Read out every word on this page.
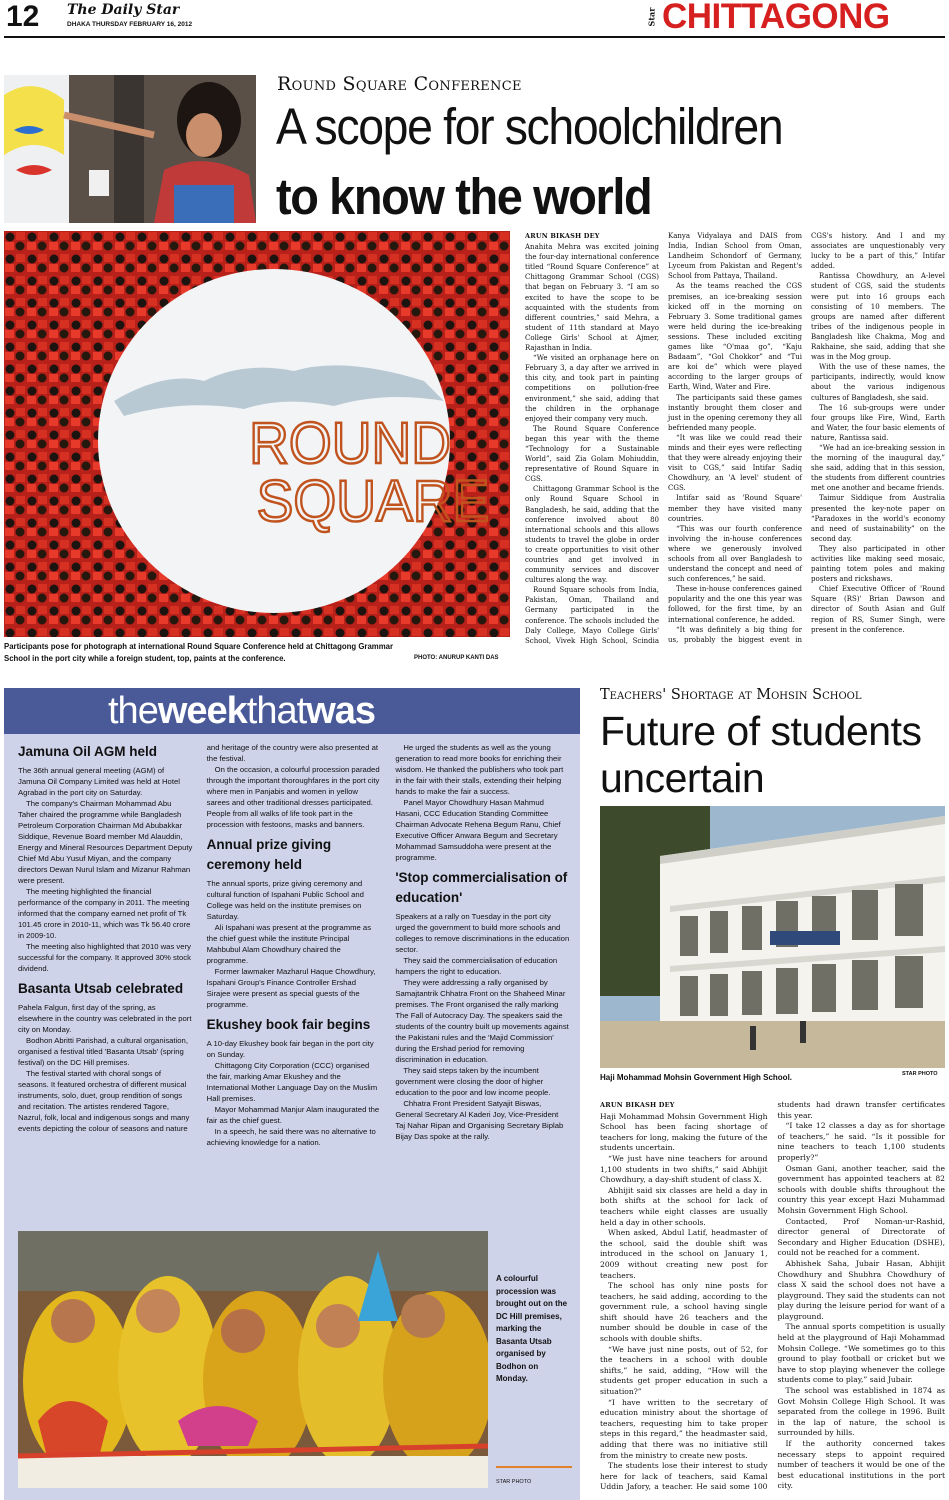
12 The Daily Star
DHAKA THURSDAY FEBRUARY 16, 2012	Star CHITTAGONG
Round Square Conference
A scope for schoolchildren
to know the world
ROUND
SQUARE
Participants pose for photograph at international Round Square Conference held at Chittagong Grammar School in the port city while a foreign student, top, paints at the conference.	PHOTO: ANURUP KANTI DAS

ARUN BIKASH DEY

Anahita Mehra was excited joining the four-day international conference titled “Round Square Conference” at Chittagong Grammar School (CGS) that began on February 3. “I am so excited to have the scope to be acquainted with the students from different countries,” said Mehra, a student of 11th standard at Mayo College Girls' School at Ajmer, Rajasthan in India.

“We visited an orphanage here on February 3, a day after we arrived in this city, and took part in painting competitions on pollution-free environment,” she said, adding that the children in the orphanage enjoyed their company very much.

The Round Square Conference began this year with the theme “Technology for a Sustainable World”, said Zia Golam Mohiuddin, representative of Round Square in CGS.

Chittagong Grammar School is the only Round Square School in Bangladesh, he said, adding that the conference involved about 80 international schools and this allows students to travel the globe in order to create opportunities to visit other countries and get involved in community services and discover cultures along the way.

Round Square schools from India, Pakistan, Oman, Thailand and Germany participated in the conference. The schools included the Daly College, Mayo College Girls' School, Vivek High School, Scindia Kanya Vidyalaya and DAIS from India, Indian School from Oman, Landheim Schondorf of Germany, Lyceum from Pakistan and Regent's School from Pattaya, Thailand.

As the teams reached the CGS premises, an ice-breaking session kicked off in the morning on February 3. Some traditional games were held during the ice-breaking sessions. These included exciting games like “O'maa go”, “Kaju Badaam”, “Gol Chokkor” and “Tui are koi de” which were played according to the larger groups of Earth, Wind, Water and Fire.

The participants said these games instantly brought them closer and just in the opening ceremony they all befriended many people.

“It was like we could read their minds and their eyes were reflecting that they were already enjoying their visit to CGS,” said Intifar Sadiq Chowdhury, an 'A level' student of CGS.

Intifar said as 'Round Square' member they have visited many countries.

“This was our fourth conference involving the in-house conferences where we generously involved schools from all over Bangladesh to understand the concept and need of such conferences,” he said.

These in-house conferences gained popularity and the one this year was followed, for the first time, by an international conference, he added.

“It was definitely a big thing for us, probably the biggest event in CGS's history. And I and my associates are unquestionably very lucky to be a part of this,” Intifar added.

Rantissa Chowdhury, an A-level student of CGS, said the students were put into 16 groups each consisting of 10 members. The groups are named after different tribes of the indigenous people in Bangladesh like Chakma, Mog and Rakhaine, she said, adding that she was in the Mog group.

With the use of these names, the participants, indirectly, would know about the various indigenous cultures of Bangladesh, she said.

The 16 sub-groups were under four groups like Fire, Wind, Earth and Water, the four basic elements of nature, Rantissa said.

“We had an ice-breaking session in the morning of the inaugural day,” she said, adding that in this session, the students from different countries met one another and became friends.

Taimur Siddique from Australia presented the key-note paper on “Paradoxes in the world's economy and need of sustainability” on the second day.

They also participated in other activities like making seed mosaic, painting totem poles and making posters and rickshaws.

Chief Executive Officer of 'Round Square (RS)' Brian Dawson and director of South Asian and Gulf region of RS, Sumer Singh, were present in the conference.

theweekthatwas
Jamuna Oil AGM held

The 36th annual general meeting (AGM) of Jamuna Oil Company Limited was held at Hotel Agrabad in the port city on Saturday.

The company's Chairman Mohammad Abu Taher chaired the programme while Bangladesh Petroleum Corporation Chairman Md Abubakkar Siddique, Revenue Board member Md Alauddin, Energy and Mineral Resources Department Deputy Chief Md Abu Yusuf Miyan, and the company directors Dewan Nurul Islam and Mizanur Rahman were present.

The meeting highlighted the financial performance of the company in 2011. The meeting informed that the company earned net profit of Tk 101.45 crore in 2010-11, which was Tk 56.40 crore in 2009-10.

The meeting also highlighted that 2010 was very successful for the company. It approved 30% stock dividend.

Basanta Utsab celebrated

Pahela Falgun, first day of the spring, as elsewhere in the country was celebrated in the port city on Monday.

Bodhon Abritti Parishad, a cultural organisation, organised a festival titled 'Basanta Utsab' (spring festival) on the DC Hill premises.

The festival started with choral songs of seasons. It featured orchestra of different musical instruments, solo, duet, group rendition of songs and recitation. The artistes rendered Tagore, Nazrul, folk, local and indigenous songs and many events depicting the colour of seasons and nature and heritage of the country were also presented at the festival.

On the occasion, a colourful procession paraded through the important thoroughfares in the port city where men in Panjabis and women in yellow sarees and other traditional dresses participated. People from all walks of life took part in the procession with festoons, masks and banners.

Annual prize giving ceremony held

The annual sports, prize giving ceremony and cultural function of Ispahani Public School and College was held on the institute premises on Saturday.

Ali Ispahani was present at the programme as the chief guest while the institute Principal Mahbubul Alam Chowdhury chaired the programme.

Former lawmaker Mazharul Haque Chowdhury, Ispahani Group's Finance Controller Ershad Sirajee were present as special guests of the programme.

Ekushey book fair begins

A 10-day Ekushey book fair began in the port city on Sunday.

Chittagong City Corporation (CCC) organised the fair, marking Amar Ekushey and the International Mother Language Day on the Muslim Hall premises.

Mayor Mohammad Manjur Alam inaugurated the fair as the chief guest.

In a speech, he said there was no alternative to achieving knowledge for a nation.

He urged the students as well as the young generation to read more books for enriching their wisdom. He thanked the publishers who took part in the fair with their stalls, extending their helping hands to make the fair a success.

Panel Mayor Chowdhury Hasan Mahmud Hasani, CCC Education Standing Committee Chairman Advocate Rehena Begum Ranu, Chief Executive Officer Anwara Begum and Secretary Mohammad Samsuddoha were present at the programme.

'Stop commercialisation of education'

Speakers at a rally on Tuesday in the port city urged the government to build more schools and colleges to remove discriminations in the education sector.

They said the commercialisation of education hampers the right to education.

They were addressing a rally organised by Samajtantrik Chhatra Front on the Shaheed Minar premises. The Front organised the rally marking The Fall of Autocracy Day. The speakers said the students of the country built up movements against the Pakistani rules and the 'Majid Commission' during the Ershad period for removing discrimination in education.

They said steps taken by the incumbent government were closing the door of higher education to the poor and low income people.

Chhatra Front President Satyajit Biswas, General Secretary Al Kaderi Joy, Vice-President Taj Nahar Ripan and Organising Secretary Biplab Bijay Das spoke at the rally.

A colourful procession was brought out on the DC Hill premises, marking the Basanta Utsab organised by Bodhon on Monday.
STAR PHOTO
Teachers' Shortage at Mohsin School
Future of students
uncertain
Haji Mohammad Mohsin Government High School.	STAR PHOTO

ARUN BIKASH DEY

Haji Mohammad Mohsin Government High School has been facing shortage of teachers for long, making the future of the students uncertain.

“We just have nine teachers for around 1,100 students in two shifts,” said Abhijit Chowdhury, a day-shift student of class X.

Abhijit said six classes are held a day in both shifts at the school for lack of teachers while eight classes are usually held a day in other schools.

When asked, Abdul Latif, headmaster of the school, said the double shift was introduced in the school on January 1, 2009 without creating new post for teachers.

The school has only nine posts for teachers, he said adding, according to the government rule, a school having single shift should have 26 teachers and the number should be double in case of the schools with double shifts.

“We have just nine posts, out of 52, for the teachers in a school with double shifts,” he said, adding, “How will the students get proper education in such a situation?”

“I have written to the secretary of education ministry about the shortage of teachers, requesting him to take proper steps in this regard,” the headmaster said, adding that there was no initiative still from the ministry to create new posts.

The students lose their interest to study here for lack of teachers, said Kamal Uddin Jafory, a teacher. He said some 100 students had drawn transfer certificates this year.

“I take 12 classes a day as for shortage of teachers,” he said. “Is it possible for nine teachers to teach 1,100 students properly?”

Osman Gani, another teacher, said the government has appointed teachers at 82 schools with double shifts throughout the country this year except Hazi Muhammad Mohsin Government High School.

Contacted, Prof Noman-ur-Rashid, director general of Directorate of Secondary and Higher Education (DSHE), could not be reached for a comment.

Abhishek Saha, Jubair Hasan, Abhijit Chowdhury and Shubhra Chowdhury of class X said the school does not have a playground. They said the students can not play during the leisure period for want of a playground.

The annual sports competition is usually held at the playground of Haji Mohammad Mohsin College. “We sometimes go to this ground to play football or cricket but we have to stop playing whenever the college students come to play,” said Jubair.

The school was established in 1874 as Govt Mohsin College High School. It was separated from the college in 1996. Built in the lap of nature, the school is surrounded by hills.

If the authority concerned takes necessary steps to appoint required number of teachers it would be one of the best educational institutions in the port city.
